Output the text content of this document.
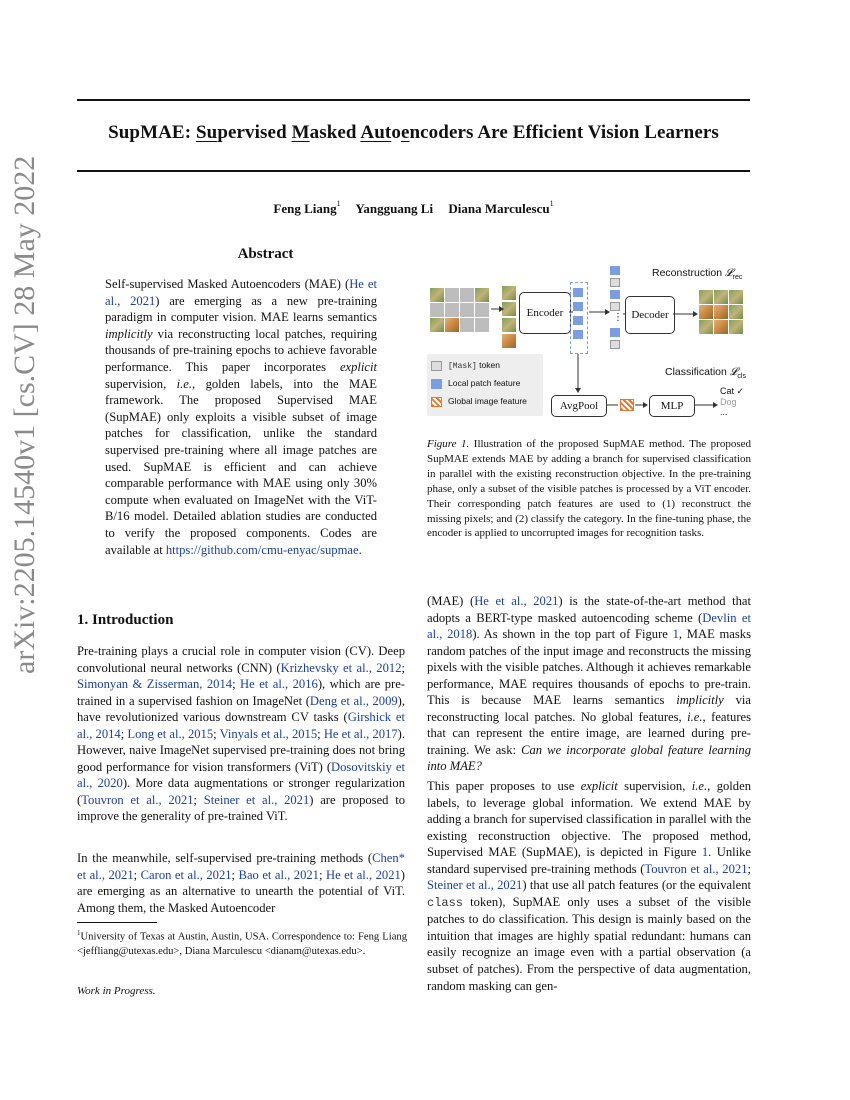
SupMAE: Supervised Masked Autoencoders Are Efficient Vision Learners
Feng Liang$^1$ Yangguang Li Diana Marculescu$^1$
arXiv:2205.14540v1 [cs.CV] 28 May 2022	Abstract
Self-supervised Masked Autoencoders (MAE) (He et al., 2021) are emerging as a new pre-training paradigm in computer vision. MAE learns semantics implicitly via reconstructing local patches, requiring thousands of pre-training epochs to achieve favorable performance. This paper incorporates explicit supervision, i.e., golden labels, into the MAE framework. The proposed Supervised MAE (SupMAE) only exploits a visible subset of image patches for classification, unlike the standard supervised pre-training where all image patches are used. SupMAE is efficient and can achieve comparable performance with MAE using only 30% compute when evaluated on ImageNet with the ViT-B/16 model. Detailed ablation studies are conducted to verify the proposed components. Codes are available at https://github.com/cmu-enyac/supmae.
Encoder	⋮ Decoder
Reconstruction 𝓛$_{rec}$
Classification 𝓛$_{cls}$
AvgPool	MLP
Cat ✓
Dog
...
[Mask] token
Local patch feature
Global image feature
Figure 1. Illustration of the proposed SupMAE method. The proposed SupMAE extends MAE by adding a branch for supervised classification in parallel with the existing reconstruction objective. In the pre-training phase, only a subset of the visible patches is processed by a ViT encoder. Their corresponding patch features are used to (1) reconstruct the missing pixels; and (2) classify the category. In the fine-tuning phase, the encoder is applied to uncorrupted images for recognition tasks.
1. Introduction
Pre-training plays a crucial role in computer vision (CV). Deep convolutional neural networks (CNN) (Krizhevsky et al., 2012; Simonyan & Zisserman, 2014; He et al., 2016), which are pre-trained in a supervised fashion on ImageNet (Deng et al., 2009), have revolutionized various downstream CV tasks (Girshick et al., 2014; Long et al., 2015; Vinyals et al., 2015; He et al., 2017). However, naive ImageNet supervised pre-training does not bring good performance for vision transformers (ViT) (Dosovitskiy et al., 2020). More data augmentations or stronger regularization (Touvron et al., 2021; Steiner et al., 2021) are proposed to improve the generality of pre-trained ViT.
In the meanwhile, self-supervised pre-training methods (Chen* et al., 2021; Caron et al., 2021; Bao et al., 2021; He et al., 2021) are emerging as an alternative to unearth the potential of ViT. Among them, the Masked Autoencoder
$^1$University of Texas at Austin, Austin, USA. Correspondence to: Feng Liang <jeffliang@utexas.edu>, Diana Marculescu <dianam@utexas.edu>.
Work in Progress.
(MAE) (He et al., 2021) is the state-of-the-art method that adopts a BERT-type masked autoencoding scheme (Devlin et al., 2018). As shown in the top part of Figure 1, MAE masks random patches of the input image and reconstructs the missing pixels with the visible patches. Although it achieves remarkable performance, MAE requires thousands of epochs to pre-train. This is because MAE learns semantics implicitly via reconstructing local patches. No global features, i.e., features that can represent the entire image, are learned during pre-training. We ask: Can we incorporate global feature learning into MAE?
This paper proposes to use explicit supervision, i.e., golden labels, to leverage global information. We extend MAE by adding a branch for supervised classification in parallel with the existing reconstruction objective. The proposed method, Supervised MAE (SupMAE), is depicted in Figure 1. Unlike standard supervised pre-training methods (Touvron et al., 2021; Steiner et al., 2021) that use all patch features (or the equivalent class token), SupMAE only uses a subset of the visible patches to do classification. This design is mainly based on the intuition that images are highly spatial redundant: humans can easily recognize an image even with a partial observation (a subset of patches). From the perspective of data augmentation, random masking can gen-
